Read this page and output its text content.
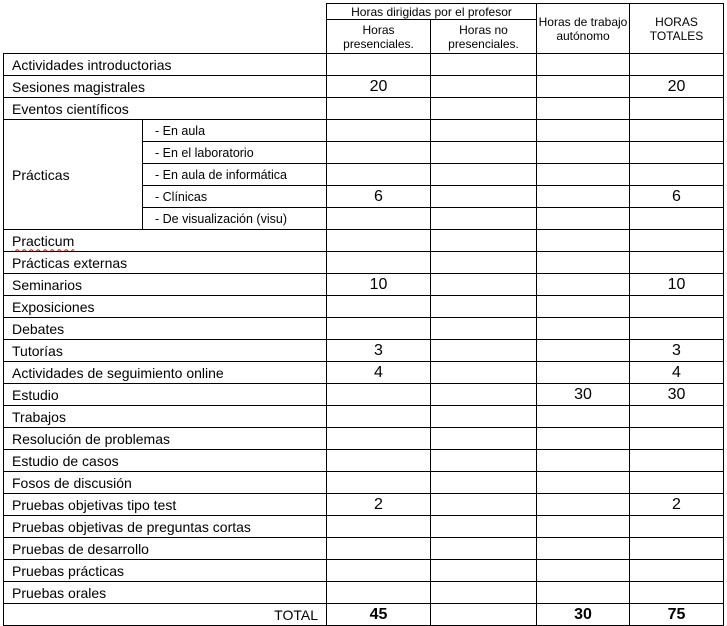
		Horas dirigidas por el profesor		Horas de trabajo autónomo	HORAS TOTALES
		Horas presenciales.	Horas no presenciales.		
Actividades introductorias					
Sesiones magistrales		20			20
Eventos científicos					
Prácticas	- En aula				
	- En el laboratorio				
	- En aula de informática				
	- Clínicas	6			6
	- De visualización (visu)				
Practicum					
Prácticas externas					
Seminarios		10			10
Exposiciones					
Debates					
Tutorías		3			3
Actividades de seguimiento online		4			4
Estudio				30	30
Trabajos					
Resolución de problemas					
Estudio de casos					
Fosos de discusión					
Pruebas objetivas tipo test		2			2
Pruebas objetivas de preguntas cortas					
Pruebas de desarrollo					
Pruebas prácticas					
Pruebas orales					
TOTAL		45		30	75
